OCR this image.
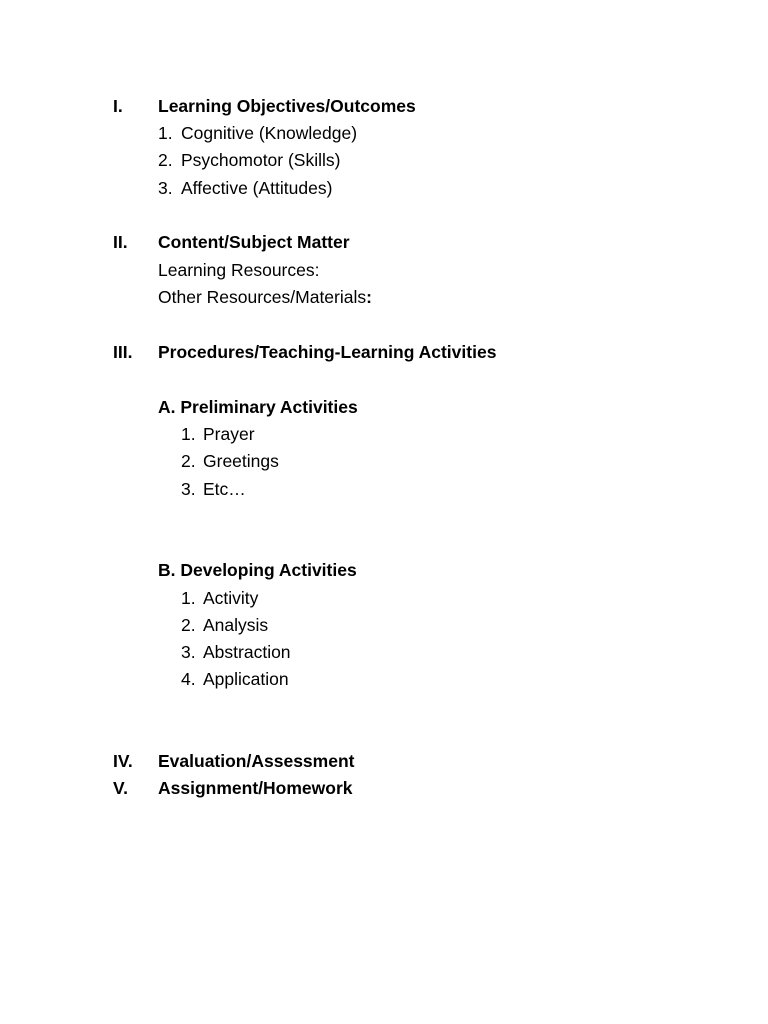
I. Learning Objectives/Outcomes
1. Cognitive (Knowledge)
2. Psychomotor (Skills)
3. Affective (Attitudes)
II. Content/Subject Matter
Learning Resources:
Other Resources/Materials:
III. Procedures/Teaching-Learning Activities
A. Preliminary Activities
1. Prayer
2. Greetings
3. Etc…
B. Developing Activities
1. Activity
2. Analysis
3. Abstraction
4. Application
IV. Evaluation/Assessment
V. Assignment/Homework
